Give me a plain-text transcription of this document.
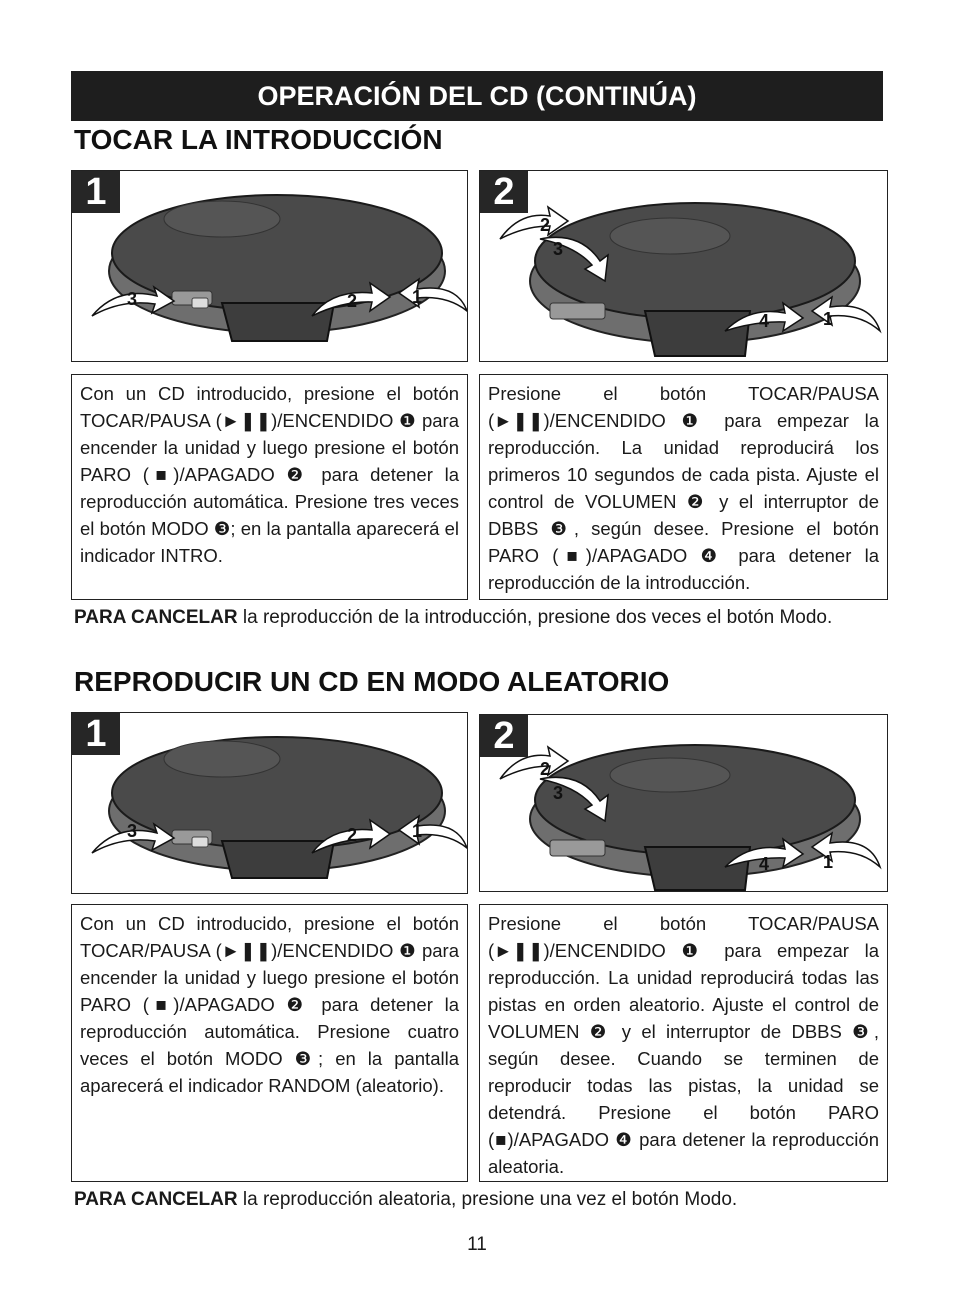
OPERACIÓN DEL CD (CONTINÚA)
TOCAR LA INTRODUCCIÓN
1
3	2	1
2
2
3
4	1
Con un CD introducido, presione el botón TOCAR/PAUSA (►❚❚)/ENCENDIDO ❶ para encender la unidad y luego presione el botón PARO (■)/APAGADO ❷ para detener la reproducción automática. Presione tres veces el botón MODO ❸; en la pantalla aparecerá el indicador INTRO.
Presione el botón TOCAR/PAUSA (►❚❚)/ENCENDIDO ❶ para empezar la reproducción. La unidad reproducirá los primeros 10 segundos de cada pista. Ajuste el control de VOLUMEN ❷ y el interruptor de DBBS ❸, según desee. Presione el botón PARO (■)/APAGADO ❹ para detener la reproducción de la introducción.
PARA CANCELAR la reproducción de la introducción, presione dos veces el botón Modo.
REPRODUCIR UN CD EN MODO ALEATORIO
1
3	2	1
2
2
3
4	1
Con un CD introducido, presione el botón TOCAR/PAUSA (►❚❚)/ENCENDIDO ❶ para encender la unidad y luego presione el botón PARO (■)/APAGADO ❷ para detener la reproducción automática. Presione cuatro veces el botón MODO ❸; en la pantalla aparecerá el indicador RANDOM (aleatorio).
Presione el botón TOCAR/PAUSA (►❚❚)/ENCENDIDO ❶ para empezar la reproducción. La unidad reproducirá todas las pistas en orden aleatorio. Ajuste el control de VOLUMEN ❷ y el interruptor de DBBS ❸, según desee. Cuando se terminen de reproducir todas las pistas, la unidad se detendrá. Presione el botón PARO (■)/APAGADO ❹ para detener la reproducción aleatoria.
PARA CANCELAR la reproducción aleatoria, presione una vez el botón Modo.
11
